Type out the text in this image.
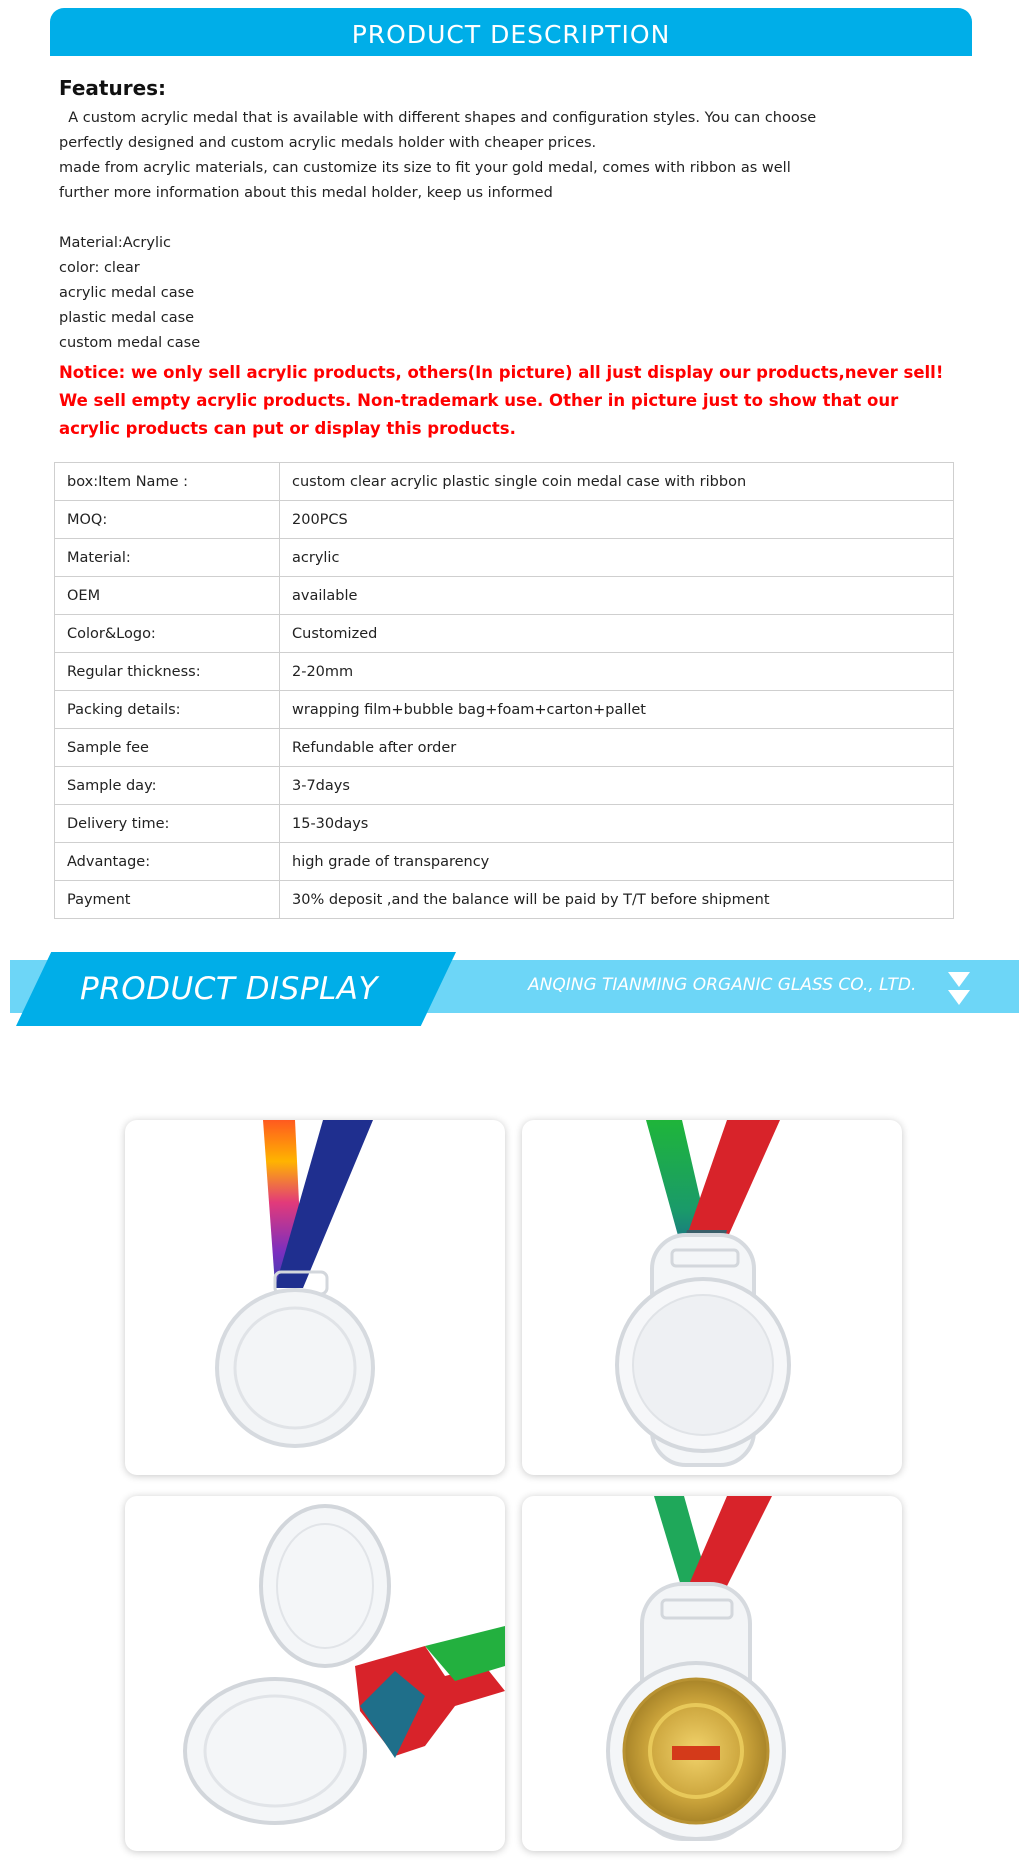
PRODUCT DESCRIPTION
Features:
A custom acrylic medal that is available with different shapes and configuration styles. You can choose
perfectly designed and custom acrylic medals holder with cheaper prices.
made from acrylic materials, can customize its size to fit your gold medal, comes with ribbon as well
further more information about this medal holder, keep us informed
Material:Acrylic
color: clear
acrylic medal case
plastic medal case
custom medal case
Notice: we only sell acrylic products, others(In picture) all just display our products,never sell! We sell empty acrylic products. Non-trademark use. Other in picture just to show that our acrylic products can put or display this products.
box:Item Name :	custom clear acrylic plastic single coin medal case with ribbon
MOQ:	200PCS
Material:	acrylic
OEM	available
Color&Logo:	Customized
Regular thickness:	2-20mm
Packing details:	wrapping film+bubble bag+foam+carton+pallet
Sample fee	Refundable after order
Sample day:	3-7days
Delivery time:	15-30days
Advantage:	high grade of transparency
Payment	30% deposit ,and the balance will be paid by T/T before shipment
PRODUCT DISPLAY	ANQING TIANMING ORGANIC GLASS CO., LTD.
